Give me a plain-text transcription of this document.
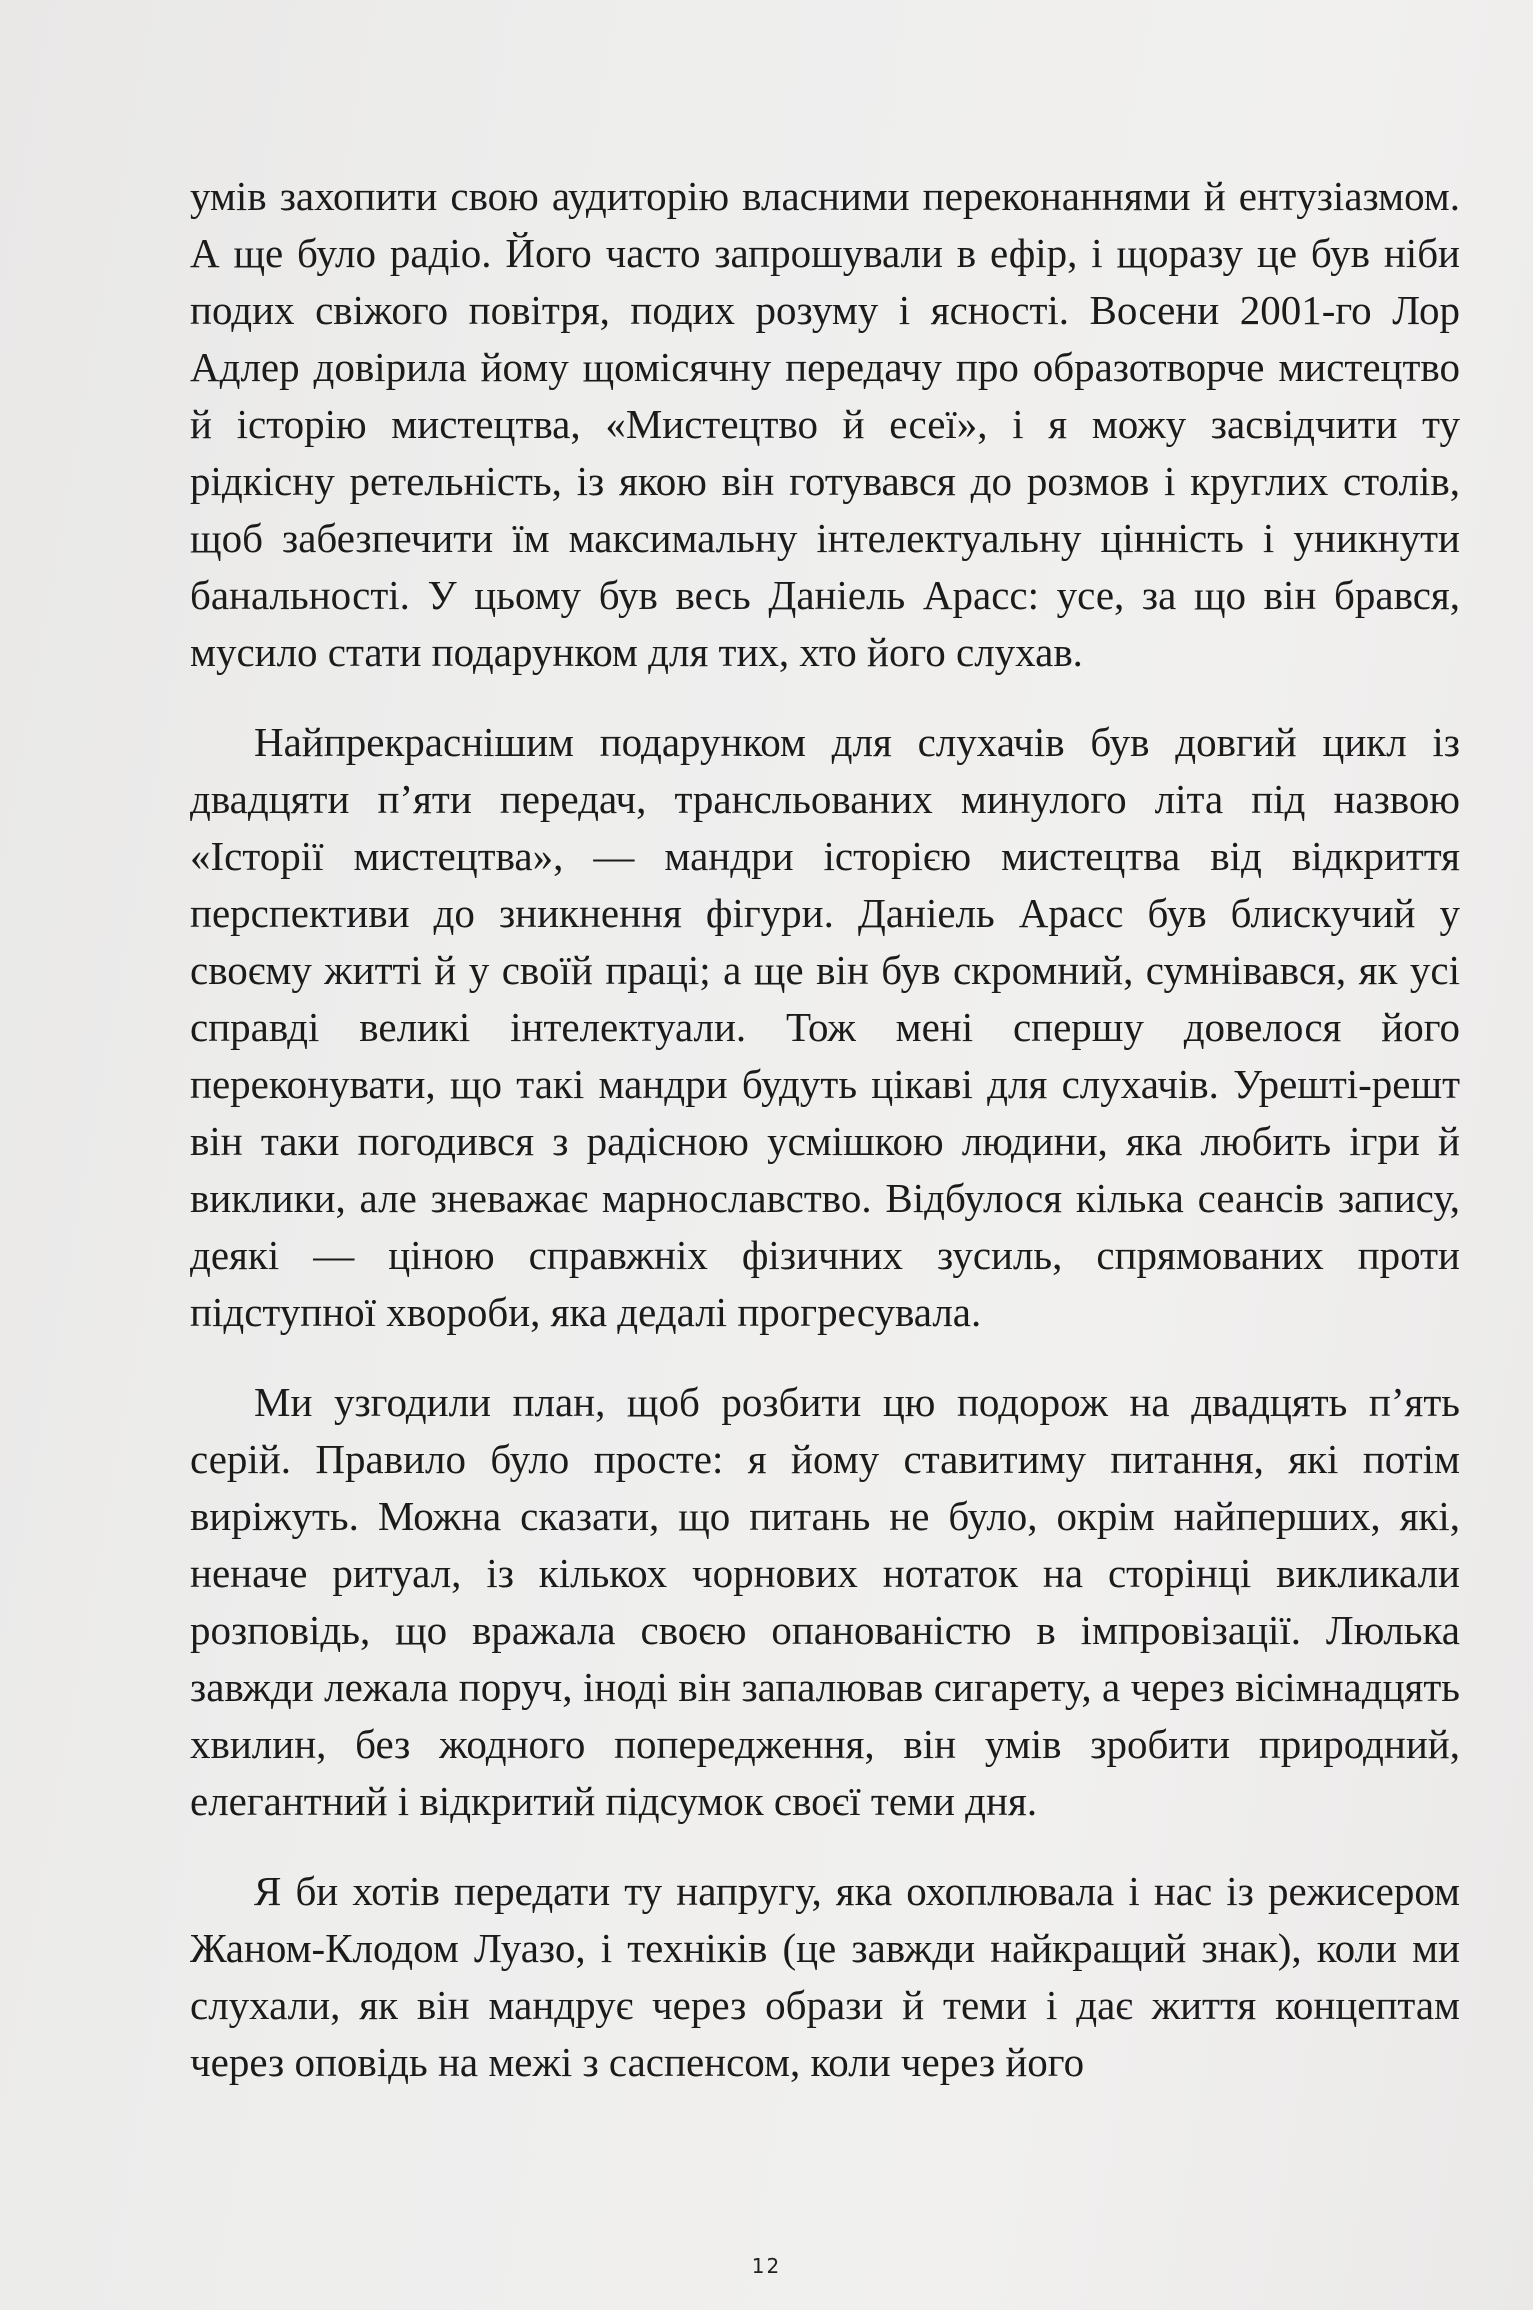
умів захопити свою аудиторію власними переконаннями й ентузіазмом. А ще було радіо. Його часто запрошували в ефір, і щоразу це був ніби подих свіжого повітря, подих розуму і ясності. Восени 2001-го Лор Адлер довірила йому щомісячну передачу про образотворче мистецтво й історію мистецтва, «Мистецтво й есеї», і я можу засвідчити ту рідкісну ретельність, із якою він готувався до розмов і круглих столів, щоб забезпечити їм максимальну інтелектуальну цінність і уникнути банальності. У цьому був весь Даніель Арасс: усе, за що він брався, мусило стати подарунком для тих, хто його слухав.

Найпрекраснішим подарунком для слухачів був довгий цикл із двадцяти п’яти передач, трансльованих минулого літа під назвою «Історії мистецтва», — мандри історією мистецтва від відкриття перспективи до зникнення фігури. Даніель Арасс був блискучий у своєму житті й у своїй праці; а ще він був скромний, сумнівався, як усі справді великі інтелектуали. Тож мені спершу довелося його переконувати, що такі мандри будуть цікаві для слухачів. Урешті-решт він таки погодився з радісною усмішкою людини, яка любить ігри й виклики, але зневажає марнославство. Відбулося кілька сеансів запису, деякі — ціною справжніх фізичних зусиль, спрямованих проти підступної хвороби, яка дедалі прогресувала.

Ми узгодили план, щоб розбити цю подорож на двадцять п’ять серій. Правило було просте: я йому ставитиму питання, які потім виріжуть. Можна сказати, що питань не було, окрім найперших, які, неначе ритуал, із кількох чорнових нотаток на сторінці викликали розповідь, що вражала своєю опанованістю в імпровізації. Люлька завжди лежала поруч, іноді він запалював сигарету, а через вісімнадцять хвилин, без жодного попередження, він умів зробити природний, елегантний і відкритий підсумок своєї теми дня.

Я би хотів передати ту напругу, яка охоплювала і нас із режисером Жаном-Клодом Луазо, і техніків (це завжди найкращий знак), коли ми слухали, як він мандрує через образи й теми і дає життя концептам через оповідь на межі з саспенсом, коли через його

12
